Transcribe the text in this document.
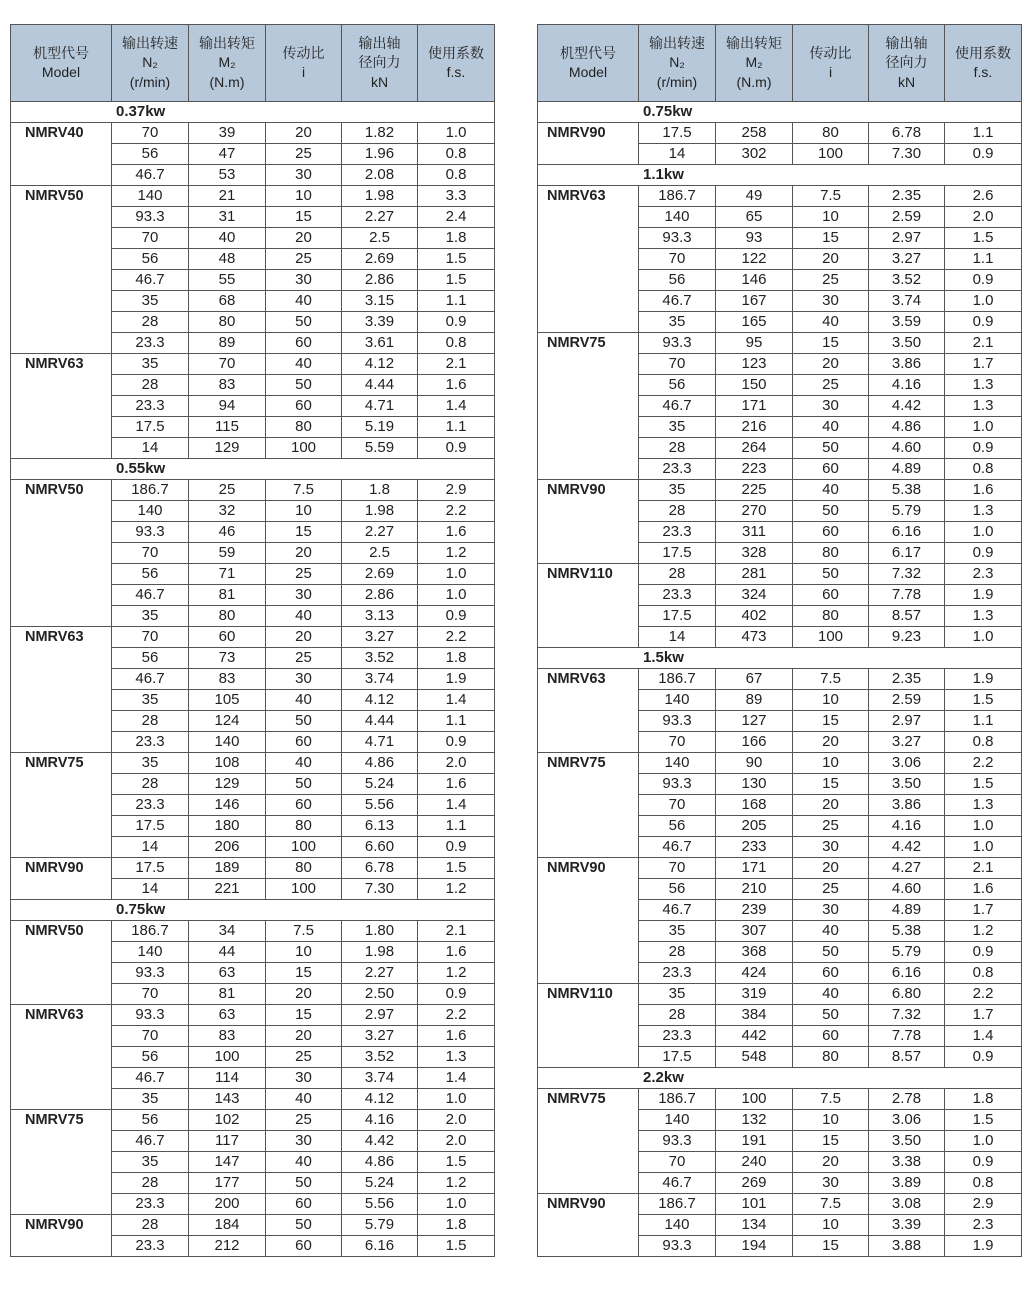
机型代号
Model	输出转速
N₂
(r/min)	输出转矩
M₂
(N.m)	传动比
i	输出轴
径向力
kN	使用系数
f.s.

0.37kw					
NMRV40	70	39	20	1.82	1.0
	56	47	25	1.96	0.8
	46.7	53	30	2.08	0.8
NMRV50	140	21	10	1.98	3.3
	93.3	31	15	2.27	2.4
	70	40	20	2.5	1.8
	56	48	25	2.69	1.5
	46.7	55	30	2.86	1.5
	35	68	40	3.15	1.1
	28	80	50	3.39	0.9
	23.3	89	60	3.61	0.8
NMRV63	35	70	40	4.12	2.1
	28	83	50	4.44	1.6
	23.3	94	60	4.71	1.4
	17.5	115	80	5.19	1.1
	14	129	100	5.59	0.9
0.55kw					
NMRV50	186.7	25	7.5	1.8	2.9
	140	32	10	1.98	2.2
	93.3	46	15	2.27	1.6
	70	59	20	2.5	1.2
	56	71	25	2.69	1.0
	46.7	81	30	2.86	1.0
	35	80	40	3.13	0.9
NMRV63	70	60	20	3.27	2.2
	56	73	25	3.52	1.8
	46.7	83	30	3.74	1.9
	35	105	40	4.12	1.4
	28	124	50	4.44	1.1
	23.3	140	60	4.71	0.9
NMRV75	35	108	40	4.86	2.0
	28	129	50	5.24	1.6
	23.3	146	60	5.56	1.4
	17.5	180	80	6.13	1.1
	14	206	100	6.60	0.9
NMRV90	17.5	189	80	6.78	1.5
	14	221	100	7.30	1.2
0.75kw					
NMRV50	186.7	34	7.5	1.80	2.1
	140	44	10	1.98	1.6
	93.3	63	15	2.27	1.2
	70	81	20	2.50	0.9
NMRV63	93.3	63	15	2.97	2.2
	70	83	20	3.27	1.6
	56	100	25	3.52	1.3
	46.7	114	30	3.74	1.4
	35	143	40	4.12	1.0
NMRV75	56	102	25	4.16	2.0
	46.7	117	30	4.42	2.0
	35	147	40	4.86	1.5
	28	177	50	5.24	1.2
	23.3	200	60	5.56	1.0
NMRV90	28	184	50	5.79	1.8
	23.3	212	60	6.16	1.5
机型代号
Model	输出转速
N₂
(r/min)	输出转矩
M₂
(N.m)	传动比
i	输出轴
径向力
kN	使用系数
f.s.

0.75kw					
NMRV90	17.5	258	80	6.78	1.1
	14	302	100	7.30	0.9
1.1kw					
NMRV63	186.7	49	7.5	2.35	2.6
	140	65	10	2.59	2.0
	93.3	93	15	2.97	1.5
	70	122	20	3.27	1.1
	56	146	25	3.52	0.9
	46.7	167	30	3.74	1.0
	35	165	40	3.59	0.9
NMRV75	93.3	95	15	3.50	2.1
	70	123	20	3.86	1.7
	56	150	25	4.16	1.3
	46.7	171	30	4.42	1.3
	35	216	40	4.86	1.0
	28	264	50	4.60	0.9
	23.3	223	60	4.89	0.8
NMRV90	35	225	40	5.38	1.6
	28	270	50	5.79	1.3
	23.3	311	60	6.16	1.0
	17.5	328	80	6.17	0.9
NMRV110	28	281	50	7.32	2.3
	23.3	324	60	7.78	1.9
	17.5	402	80	8.57	1.3
	14	473	100	9.23	1.0
1.5kw					
NMRV63	186.7	67	7.5	2.35	1.9
	140	89	10	2.59	1.5
	93.3	127	15	2.97	1.1
	70	166	20	3.27	0.8
NMRV75	140	90	10	3.06	2.2
	93.3	130	15	3.50	1.5
	70	168	20	3.86	1.3
	56	205	25	4.16	1.0
	46.7	233	30	4.42	1.0
NMRV90	70	171	20	4.27	2.1
	56	210	25	4.60	1.6
	46.7	239	30	4.89	1.7
	35	307	40	5.38	1.2
	28	368	50	5.79	0.9
	23.3	424	60	6.16	0.8
NMRV110	35	319	40	6.80	2.2
	28	384	50	7.32	1.7
	23.3	442	60	7.78	1.4
	17.5	548	80	8.57	0.9
2.2kw					
NMRV75	186.7	100	7.5	2.78	1.8
	140	132	10	3.06	1.5
	93.3	191	15	3.50	1.0
	70	240	20	3.38	0.9
	46.7	269	30	3.89	0.8
NMRV90	186.7	101	7.5	3.08	2.9
	140	134	10	3.39	2.3
	93.3	194	15	3.88	1.9
